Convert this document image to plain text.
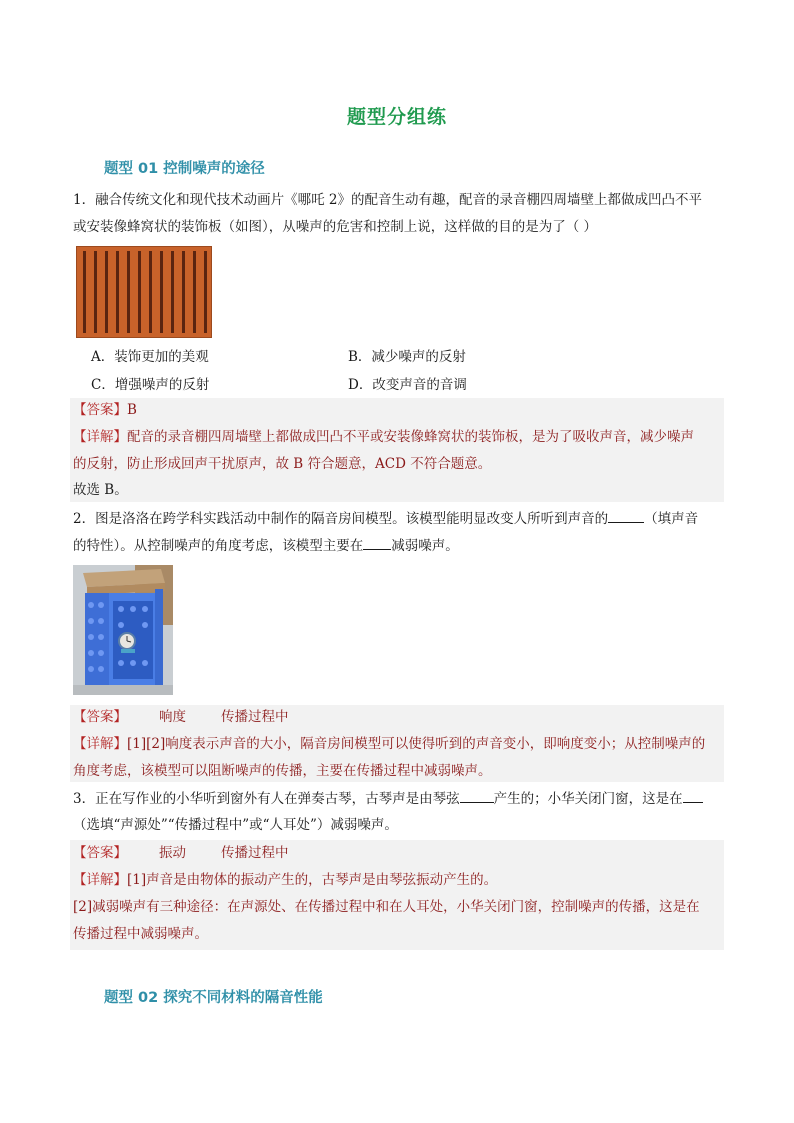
题型分组练
题型 01 控制噪声的途径
1．融合传统文化和现代技术动画片《哪吒 2》的配音生动有趣，配音的录音棚四周墙壁上都做成凹凸不平
或安装像蜂窝状的装饰板（如图），从噪声的危害和控制上说，这样做的目的是为了（ ）
A．装饰更加的美观	B．减少噪声的反射
C．增强噪声的反射	D．改变声音的音调
【答案】B
【详解】配音的录音棚四周墙壁上都做成凹凸不平或安装像蜂窝状的装饰板，是为了吸收声音，减少噪声
的反射，防止形成回声干扰原声，故 B 符合题意，ACD 不符合题意。
故选 B。
2．图是洛洛在跨学科实践活动中制作的隔音房间模型。该模型能明显改变人所听到声音的	（填声音
的特性）。从控制噪声的角度考虑，该模型主要在 减弱噪声。
【答案】 响度	传播过程中
【详解】[1][2]响度表示声音的大小，隔音房间模型可以使得听到的声音变小，即响度变小；从控制噪声的
角度考虑，该模型可以阻断噪声的传播，主要在传播过程中减弱噪声。
3．正在写作业的小华听到窗外有人在弹奏古琴，古琴声是由琴弦	产生的；小华关闭门窗，这是在
（选填“声源处”“传播过程中”或“人耳处”）减弱噪声。
【答案】 振动	传播过程中
【详解】[1]声音是由物体的振动产生的，古琴声是由琴弦振动产生的。
[2]减弱噪声有三种途径：在声源处、在传播过程中和在人耳处，小华关闭门窗，控制噪声的传播，这是在
传播过程中减弱噪声。
题型 02 探究不同材料的隔音性能
